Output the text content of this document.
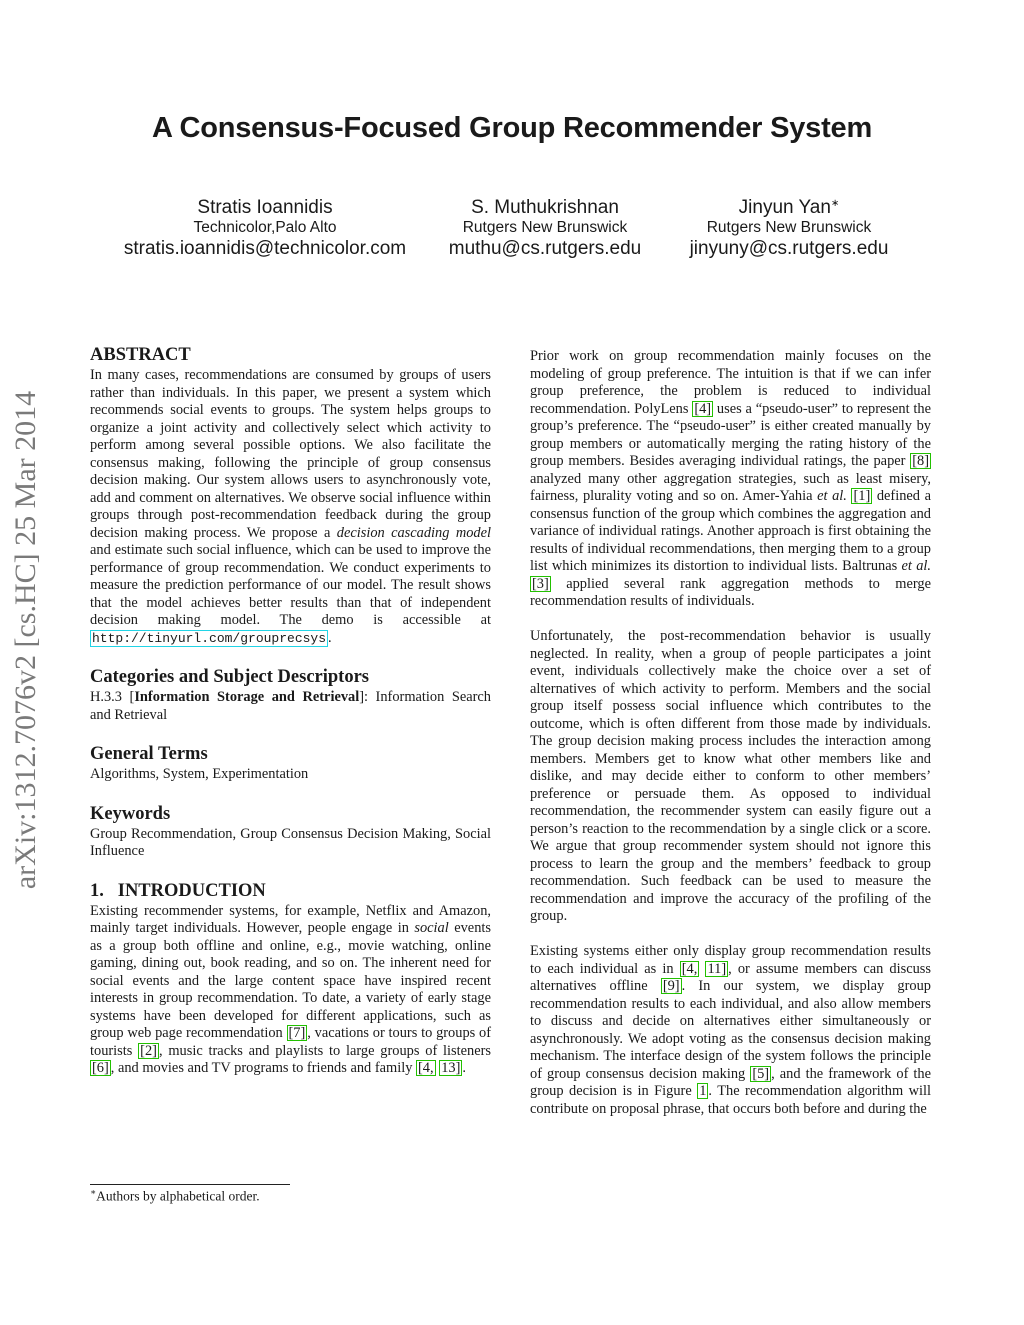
A Consensus-Focused Group Recommender System
Stratis Ioannidis
Technicolor,Palo Alto
stratis.ioannidis@technicolor.com
S. Muthukrishnan
Rutgers New Brunswick
muthu@cs.rutgers.edu
Jinyun Yan∗
Rutgers New Brunswick
jinyuny@cs.rutgers.edu
arXiv:1312.7076v2 [cs.HC] 25 Mar 2014
ABSTRACT

In many cases, recommendations are consumed by groups of users rather than individuals. In this paper, we present a system which recommends social events to groups. The system helps groups to organize a joint activity and collectively select which activity to perform among several possible options. We also facilitate the consensus making, following the principle of group consensus decision making. Our system allows users to asynchronously vote, add and comment on alternatives. We observe social influence within groups through post-recommendation feedback during the group decision making process. We propose a decision cascading model and estimate such social influence, which can be used to improve the performance of group recommendation. We conduct experiments to measure the prediction performance of our model. The result shows that the model achieves better results than that of independent decision making model. The demo is accessible at http://tinyurl.com/grouprecsys .

Categories and Subject Descriptors

H.3.3 [Information Storage and Retrieval]: Information Search and Retrieval

General Terms

Algorithms, System, Experimentation

Keywords

Group Recommendation, Group Consensus Decision Making, Social Influence

1.   INTRODUCTION

Existing recommender systems, for example, Netflix and Amazon, mainly target individuals. However, people engage in social events as a group both offline and online, e.g., movie watching, online gaming, dining out, book reading, and so on. The inherent need for social events and the large content space have inspired recent interests in group recommendation. To date, a variety of early stage systems have been developed for different applications, such as group web page recommendation [7] , vacations or tours to groups of tourists [2] , music tracks and playlists to large groups of listeners [6] , and movies and TV programs to friends and family [4, 13] .

Prior work on group recommendation mainly focuses on the modeling of group preference. The intuition is that if we can infer group preference, the problem is reduced to individual recommendation. PolyLens [4] uses a “pseudo-user” to represent the group’s preference. The “pseudo-user” is either created manually by group members or automatically merging the rating history of the group members. Besides averaging individual ratings, the paper [8] analyzed many other aggregation strategies, such as least misery, fairness, plurality voting and so on. Amer-Yahia et al. [1] defined a consensus function of the group which combines the aggregation and variance of individual ratings. Another approach is first obtaining the results of individual recommendations, then merging them to a group list which minimizes its distortion to individual lists. Baltrunas et al. [3] applied several rank aggregation methods to merge recommendation results of individuals.

Unfortunately, the post-recommendation behavior is usually neglected. In reality, when a group of people participates a joint event, individuals collectively make the choice over a set of alternatives of which activity to perform. Members and the social group itself possess social influence which contributes to the outcome, which is often different from those made by individuals. The group decision making process includes the interaction among members. Members get to know what other members like and dislike, and may decide either to conform to other members’ preference or persuade them. As opposed to individual recommendation, the recommender system can easily figure out a person’s reaction to the recommendation by a single click or a score. We argue that group recommender system should not ignore this process to learn the group and the members’ feedback to group recommendation. Such feedback can be used to measure the recommendation and improve the accuracy of the profiling of the group.

Existing systems either only display group recommendation results to each individual as in [4, 11] , or assume members can discuss alternatives offline [9] . In our system, we display group recommendation results to each individual, and also allow members to discuss and decide on alternatives either simultaneously or asynchronously. We adopt voting as the consensus decision making mechanism. The interface design of the system follows the principle of group consensus decision making [5] , and the framework of the group decision is in Figure 1 . The recommendation algorithm will contribute on proposal phrase, that occurs both before and during the

∗Authors by alphabetical order.
